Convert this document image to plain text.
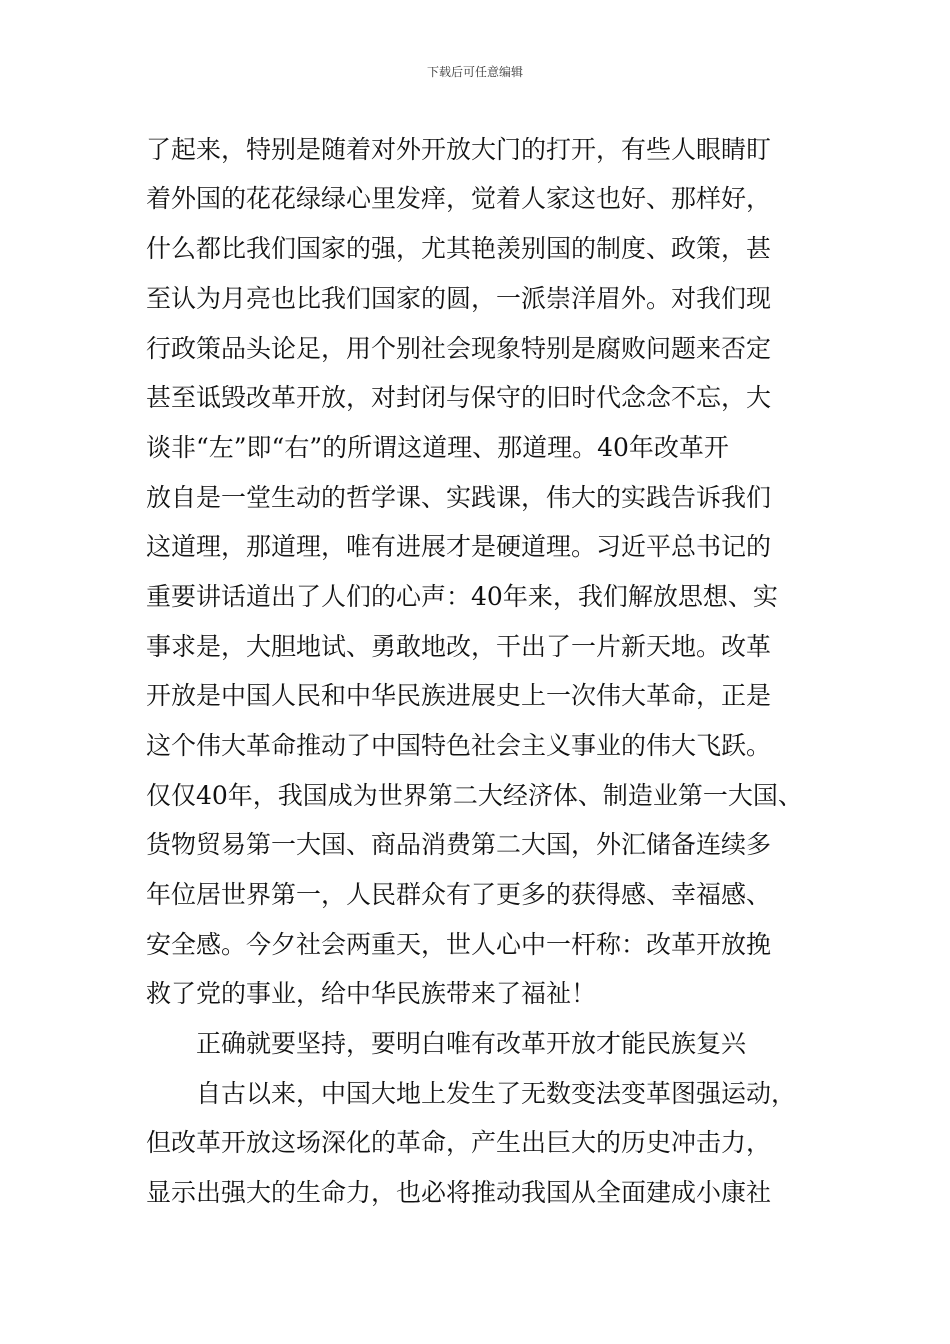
下载后可任意编辑
了起来，特别是随着对外开放大门的打开，有些人眼睛盯
着外国的花花绿绿心里发痒，觉着人家这也好、那样好，
什么都比我们国家的强，尤其艳羡别国的制度、政策，甚
至认为月亮也比我们国家的圆，一派崇洋眉外。对我们现
行政策品头论足，用个别社会现象特别是腐败问题来否定
甚至诋毁改革开放，对封闭与保守的旧时代念念不忘，大
谈非“左”即“右”的所谓这道理、那道理。40年改革开
放自是一堂生动的哲学课、实践课，伟大的实践告诉我们
这道理，那道理，唯有进展才是硬道理。习近平总书记的
重要讲话道出了人们的心声：40年来，我们解放思想、实
事求是，大胆地试、勇敢地改，干出了一片新天地。改革
开放是中国人民和中华民族进展史上一次伟大革命，正是
这个伟大革命推动了中国特色社会主义事业的伟大飞跃。
仅仅40年，我国成为世界第二大经济体、制造业第一大国、
货物贸易第一大国、商品消费第二大国，外汇储备连续多
年位居世界第一，人民群众有了更多的获得感、幸福感、
安全感。今夕社会两重天，世人心中一杆称：改革开放挽
救了党的事业，给中华民族带来了福祉！
正确就要坚持，要明白唯有改革开放才能民族复兴
自古以来，中国大地上发生了无数变法变革图强运动，
但改革开放这场深化的革命，产生出巨大的历史冲击力，
显示出强大的生命力，也必将推动我国从全面建成小康社
